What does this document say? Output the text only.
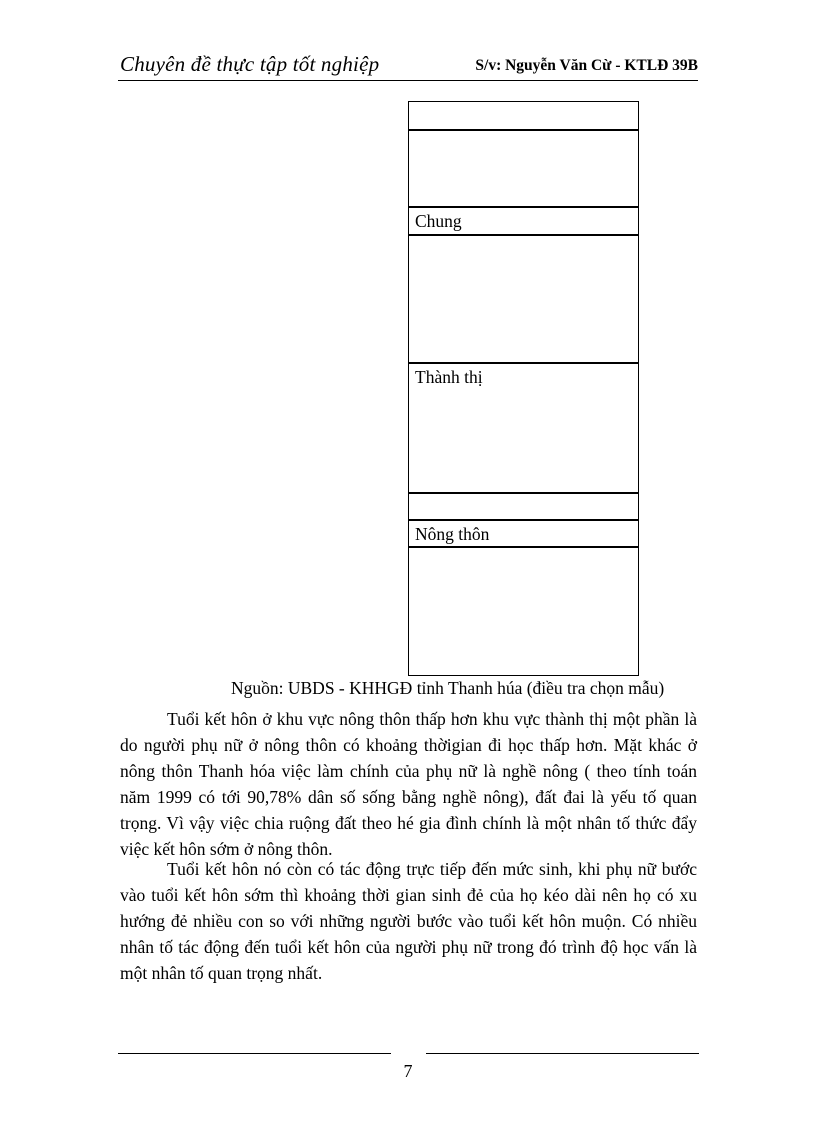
Chuyên đề thực tập tốt nghiệp	S/v: Nguyễn Văn Cừ - KTLĐ 39B
Chung
Thành thị
Nông thôn
Nguồn: UBDS - KHHGĐ tỉnh Thanh húa (điều tra chọn mẫu)

Tuổi kết hôn ở khu vực nông thôn thấp hơn khu vực thành thị một phần là do người phụ nữ ở nông thôn có khoảng thờigian đi học thấp hơn. Mặt khác ở nông thôn Thanh hóa việc làm chính của phụ nữ là nghề nông ( theo tính toán năm 1999 có tới 90,78% dân số sống bằng nghề nông), đất đai là yếu tố quan trọng. Vì vậy việc chia ruộng đất theo hé gia đình chính là một nhân tố thức đẩy việc kết hôn sớm ở nông thôn.

Tuổi kết hôn nó còn có tác động trực tiếp đến mức sinh, khi phụ nữ bước vào tuổi kết hôn sớm thì khoảng thời gian sinh đẻ của họ kéo dài nên họ có xu hướng đẻ nhiều con so với những người bước vào tuổi kết hôn muộn. Có nhiều nhân tố tác động đến tuổi kết hôn của người phụ nữ trong đó trình độ học vấn là một nhân tố quan trọng nhất.

7
